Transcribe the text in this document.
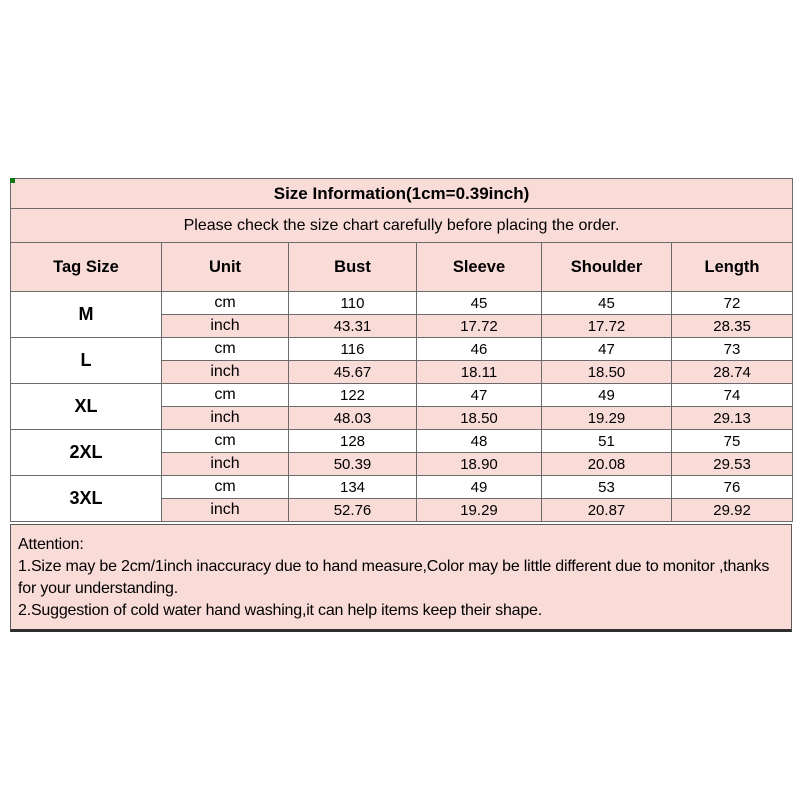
Size Information(1cm=0.39inch)					
Please check the size chart carefully before placing the order.					
Tag Size	Unit	Bust	Sleeve	Shoulder	Length
M	cm	110	45	45	72
	inch	43.31	17.72	17.72	28.35
L	cm	116	46	47	73
	inch	45.67	18.11	18.50	28.74
XL	cm	122	47	49	74
	inch	48.03	18.50	19.29	29.13
2XL	cm	128	48	51	75
	inch	50.39	18.90	20.08	29.53
3XL	cm	134	49	53	76
	inch	52.76	19.29	20.87	29.92
Attention:
1.Size may be 2cm/1inch inaccuracy due to hand measure,Color may be little different due to monitor ,thanks for your understanding.
2.Suggestion of cold water hand washing,it can help items keep their shape.
